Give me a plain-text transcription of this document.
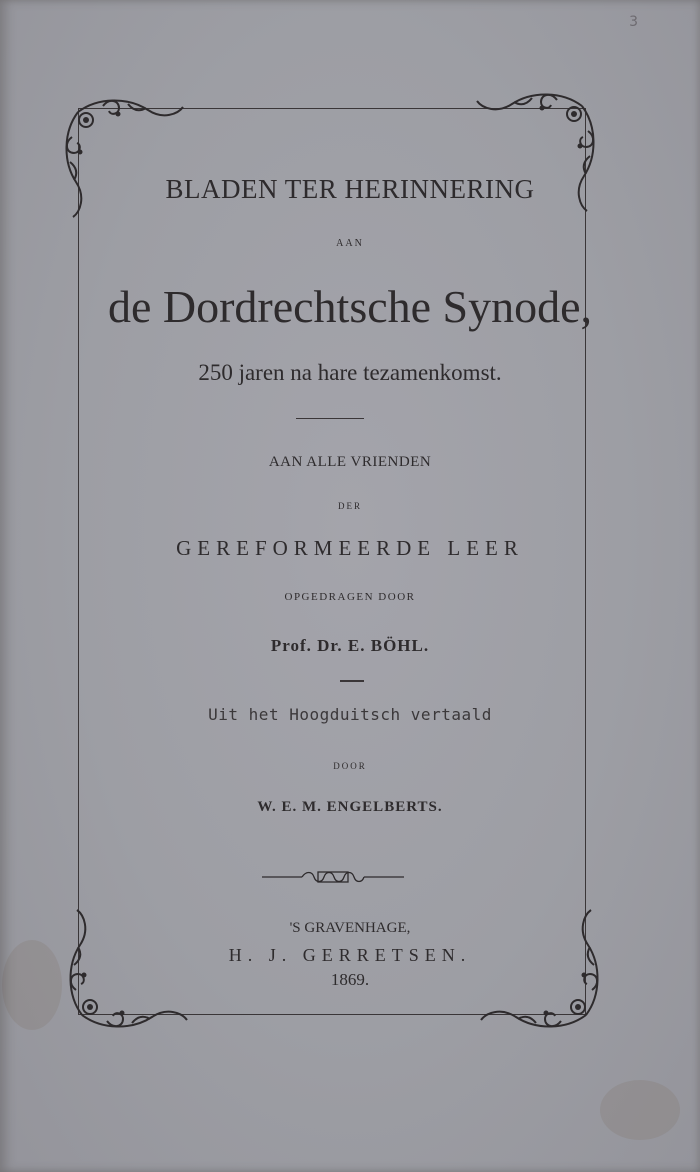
3
BLADEN TER HERINNERING
AAN
de Dordrechtsche Synode,
250 jaren na hare tezamenkomst.
AAN ALLE VRIENDEN
DER
GEREFORMEERDE LEER
OPGEDRAGEN DOOR
Prof. Dr. E. BÖHL.
Uit het Hoogduitsch vertaald
DOOR
W. E. M. ENGELBERTS.
'S GRAVENHAGE,
H. J. GERRETSEN.
1869.
